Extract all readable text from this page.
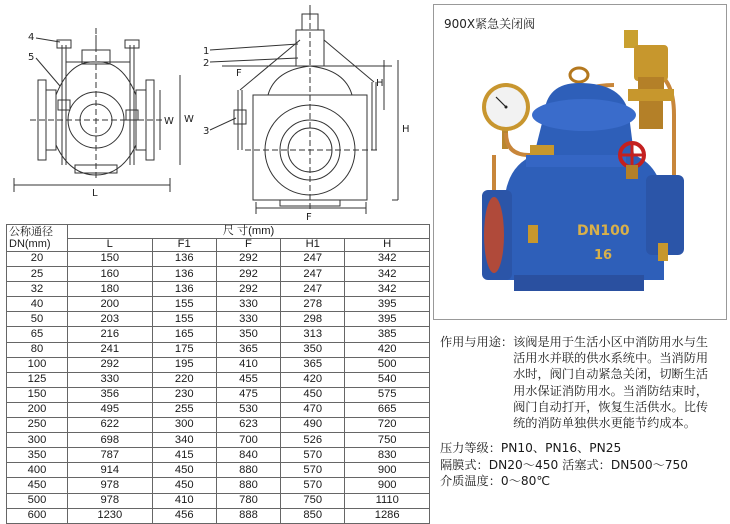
4
5
L
W
W
1
2
3
F
H
H
F
DN100
16
900X紧急关闭阀
公称通径
DN(mm)	尺 寸(mm)				
	L	F1	F	H1	H
20	150	136	292	247	342
25	160	136	292	247	342
32	180	136	292	247	342
40	200	155	330	278	395
50	203	155	330	298	395
65	216	165	350	313	385
80	241	175	365	350	420
100	292	195	410	365	500
125	330	220	455	420	540
150	356	230	475	450	575
200	495	255	530	470	665
250	622	300	623	490	720
300	698	340	700	526	750
350	787	415	840	570	830
400	914	450	880	570	900
450	978	450	880	570	900
500	978	410	780	750	1110
600	1230	456	888	850	1286
作用与用途： 该阀是用于生活小区中消防用水与生
活用水并联的供水系统中。当消防用
水时，阀门自动紧急关闭，切断生活
用水保证消防用水。当消防结束时，
阀门自动打开，恢复生活供水。比传
统的消防单独供水更能节约成本。
压力等级：PN10、PN16、PN25
隔膜式：DN20～450 活塞式：DN500～750
介质温度：0～80℃
